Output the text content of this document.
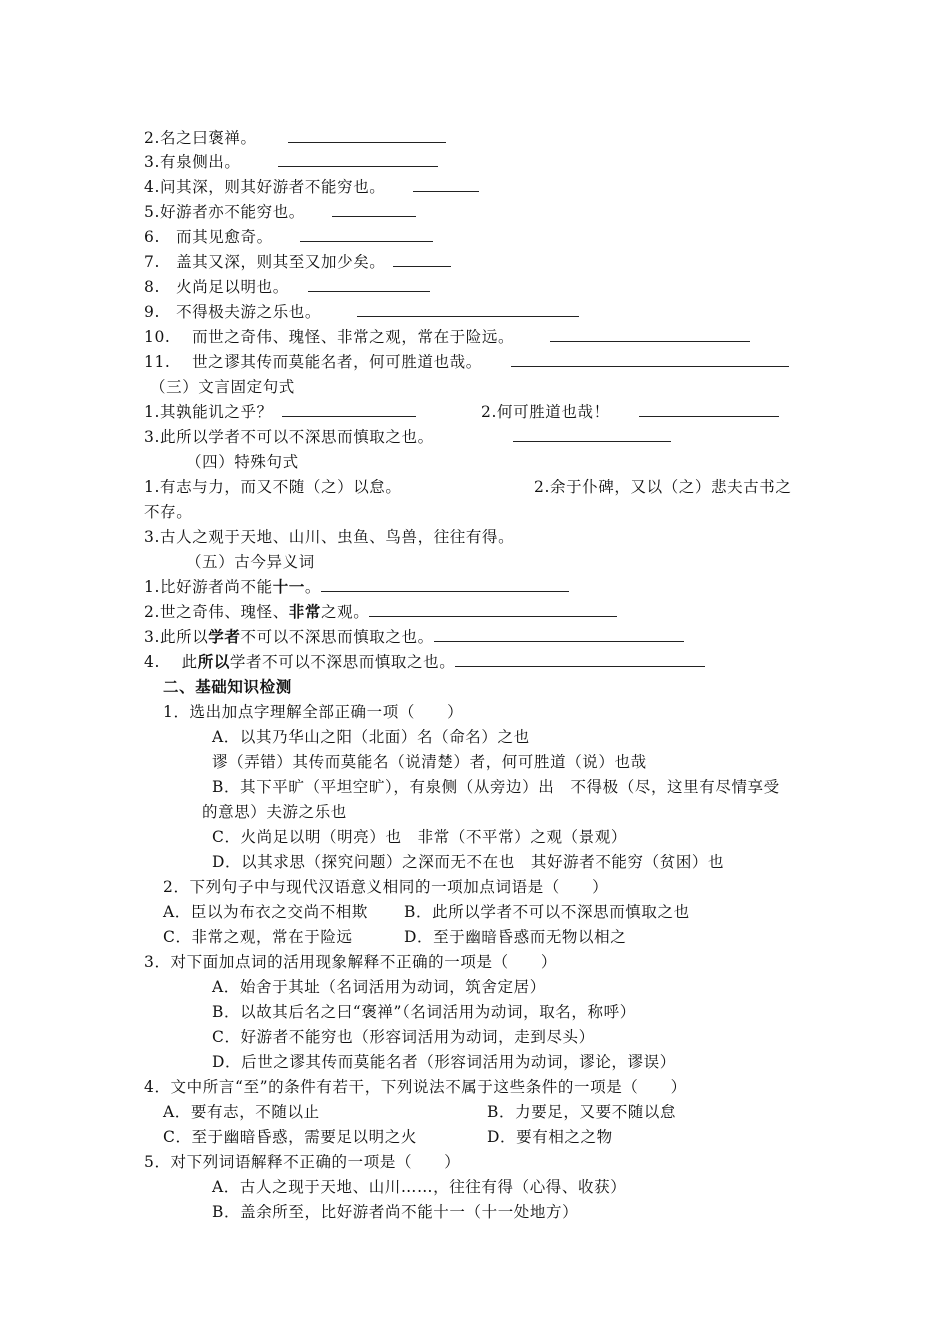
2.名之曰褒禅。
3.有泉侧出。
4.问其深，则其好游者不能穷也。
5.好游者亦不能穷也。
6.　而其见愈奇。
7.　盖其又深，则其至又加少矣。
8.　火尚足以明也。
9.　不得极夫游之乐也。
10.　 而世之奇伟、瑰怪、非常之观，常在于险远。
11.　 世之谬其传而莫能名者，何可胜道也哉。
（三）文言固定句式
1.其孰能讥之乎？	2.何可胜道也哉！
3.此所以学者不可以不深思而慎取之也。
（四）特殊句式
1.有志与力，而又不随（之）以怠。	2.余于仆碑，又以（之）悲夫古书之
不存。
3.古人之观于天地、山川、虫鱼、鸟兽，往往有得。
（五）古今异义词
1.比好游者尚不能十一。
2.世之奇伟、瑰怪、非常之观。
3.此所以学者不可以不深思而慎取之也。
4.　 此所以学者不可以不深思而慎取之也。
二、基础知识检测
1．选出加点字理解全部正确一项（　　）
A．以其乃华山之阳（北面）名（命名）之也
谬（弄错）其传而莫能名（说清楚）者，何可胜道（说）也哉
B．其下平旷（平坦空旷），有泉侧（从旁边）出　不得极（尽，这里有尽情享受
的意思）夫游之乐也
C．火尚足以明（明亮）也　非常（不平常）之观（景观）
D．以其求思（探究问题）之深而无不在也　其好游者不能穷（贫困）也
2．下列句子中与现代汉语意义相同的一项加点词语是（　　）
A．臣以为布衣之交尚不相欺 B．此所以学者不可以不深思而慎取之也
C．非常之观，常在于险远	D．至于幽暗昏惑而无物以相之
3．对下面加点词的活用现象解释不正确的一项是（　　）
A．始舍于其址（名词活用为动词，筑舍定居）
B．以故其后名之曰“褒禅”（名词活用为动词，取名，称呼）
C．好游者不能穷也（形容词活用为动词，走到尽头）
D．后世之谬其传而莫能名者（形容词活用为动词，谬论，谬误）
4．文中所言“至”的条件有若干，下列说法不属于这些条件的一项是（　　）
A．要有志，不随以止	B．力要足，又要不随以怠
C．至于幽暗昏惑，需要足以明之火	D．要有相之之物
5．对下列词语解释不正确的一项是（　　）
A．古人之现于天地、山川……，往往有得（心得、收获）
B．盖余所至，比好游者尚不能十一（十一处地方）
